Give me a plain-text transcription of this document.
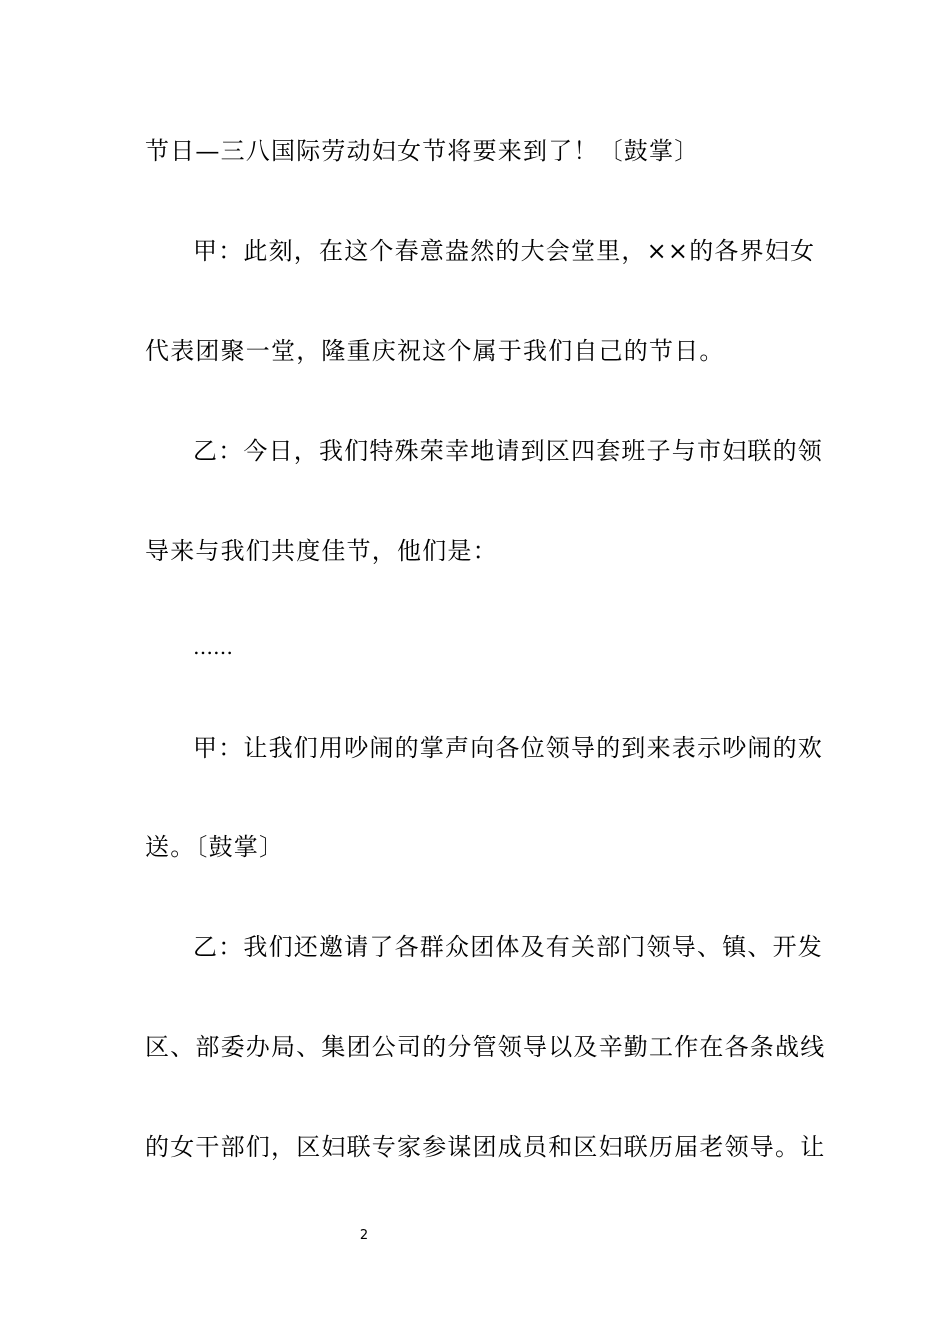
节日—三八国际劳动妇女节将要来到了！〔鼓掌〕
甲：此刻，在这个春意盎然的大会堂里，××的各界妇女
代表团聚一堂，隆重庆祝这个属于我们自己的节日。
乙：今日，我们特殊荣幸地请到区四套班子与市妇联的领
导来与我们共度佳节，他们是：
……
甲：让我们用吵闹的掌声向各位领导的到来表示吵闹的欢
送。〔鼓掌〕
乙：我们还邀请了各群众团体及有关部门领导、镇、开发
区、部委办局、集团公司的分管领导以及辛勤工作在各条战线
的女干部们，区妇联专家参谋团成员和区妇联历届老领导。让
2
